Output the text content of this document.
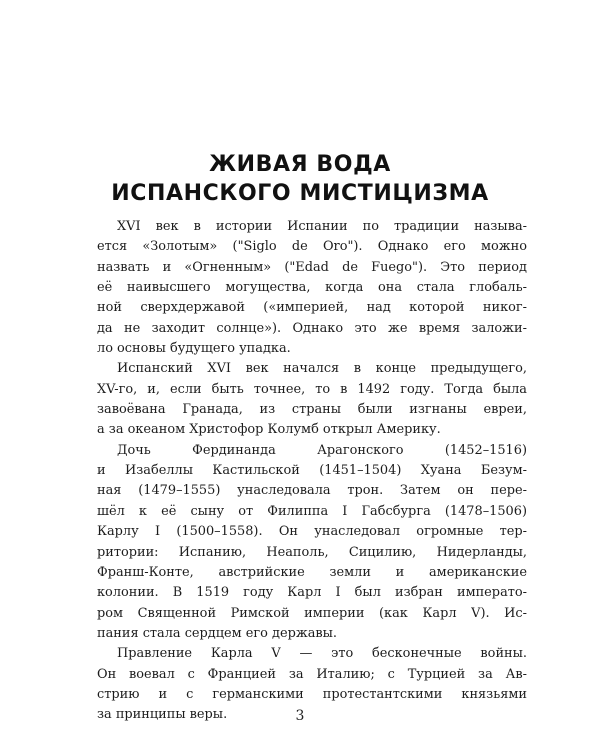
ЖИВАЯ ВОДА
ИСПАНСКОГО МИСТИЦИЗМА
XVI век в истории Испании по традиции называ-
ется «Золотым» ("Siglo de Oro"). Однако его можно
назвать и «Огненным» ("Edad de Fuego"). Это период
её наивысшего могущества, когда она стала глобаль-
ной сверхдержавой («империей, над которой никог-
да не заходит солнце»). Однако это же время заложи-
ло основы будущего упадка.
Испанский XVI век начался в конце предыдущего,
XV-го, и, если быть точнее, то в 1492 году. Тогда была
завоёвана Гранада, из страны были изгнаны евреи,
а за океаном Христофор Колумб открыл Америку.
Дочь Фердинанда Арагонского (1452–1516)
и Изабеллы Кастильской (1451–1504) Хуана Безум-
ная (1479–1555) унаследовала трон. Затем он пере-
шёл к её сыну от Филиппа I Габсбурга (1478–1506)
Карлу I (1500–1558). Он унаследовал огромные тер-
ритории: Испанию, Неаполь, Сицилию, Нидерланды,
Франш-Конте, австрийские земли и американские
колонии. В 1519 году Карл I был избран императо-
ром Священной Римской империи (как Карл V). Ис-
пания стала сердцем его державы.
Правление Карла V — это бесконечные войны.
Он воевал с Францией за Италию; с Турцией за Ав-
стрию и с германскими протестантскими князьями
за принципы веры.	3
